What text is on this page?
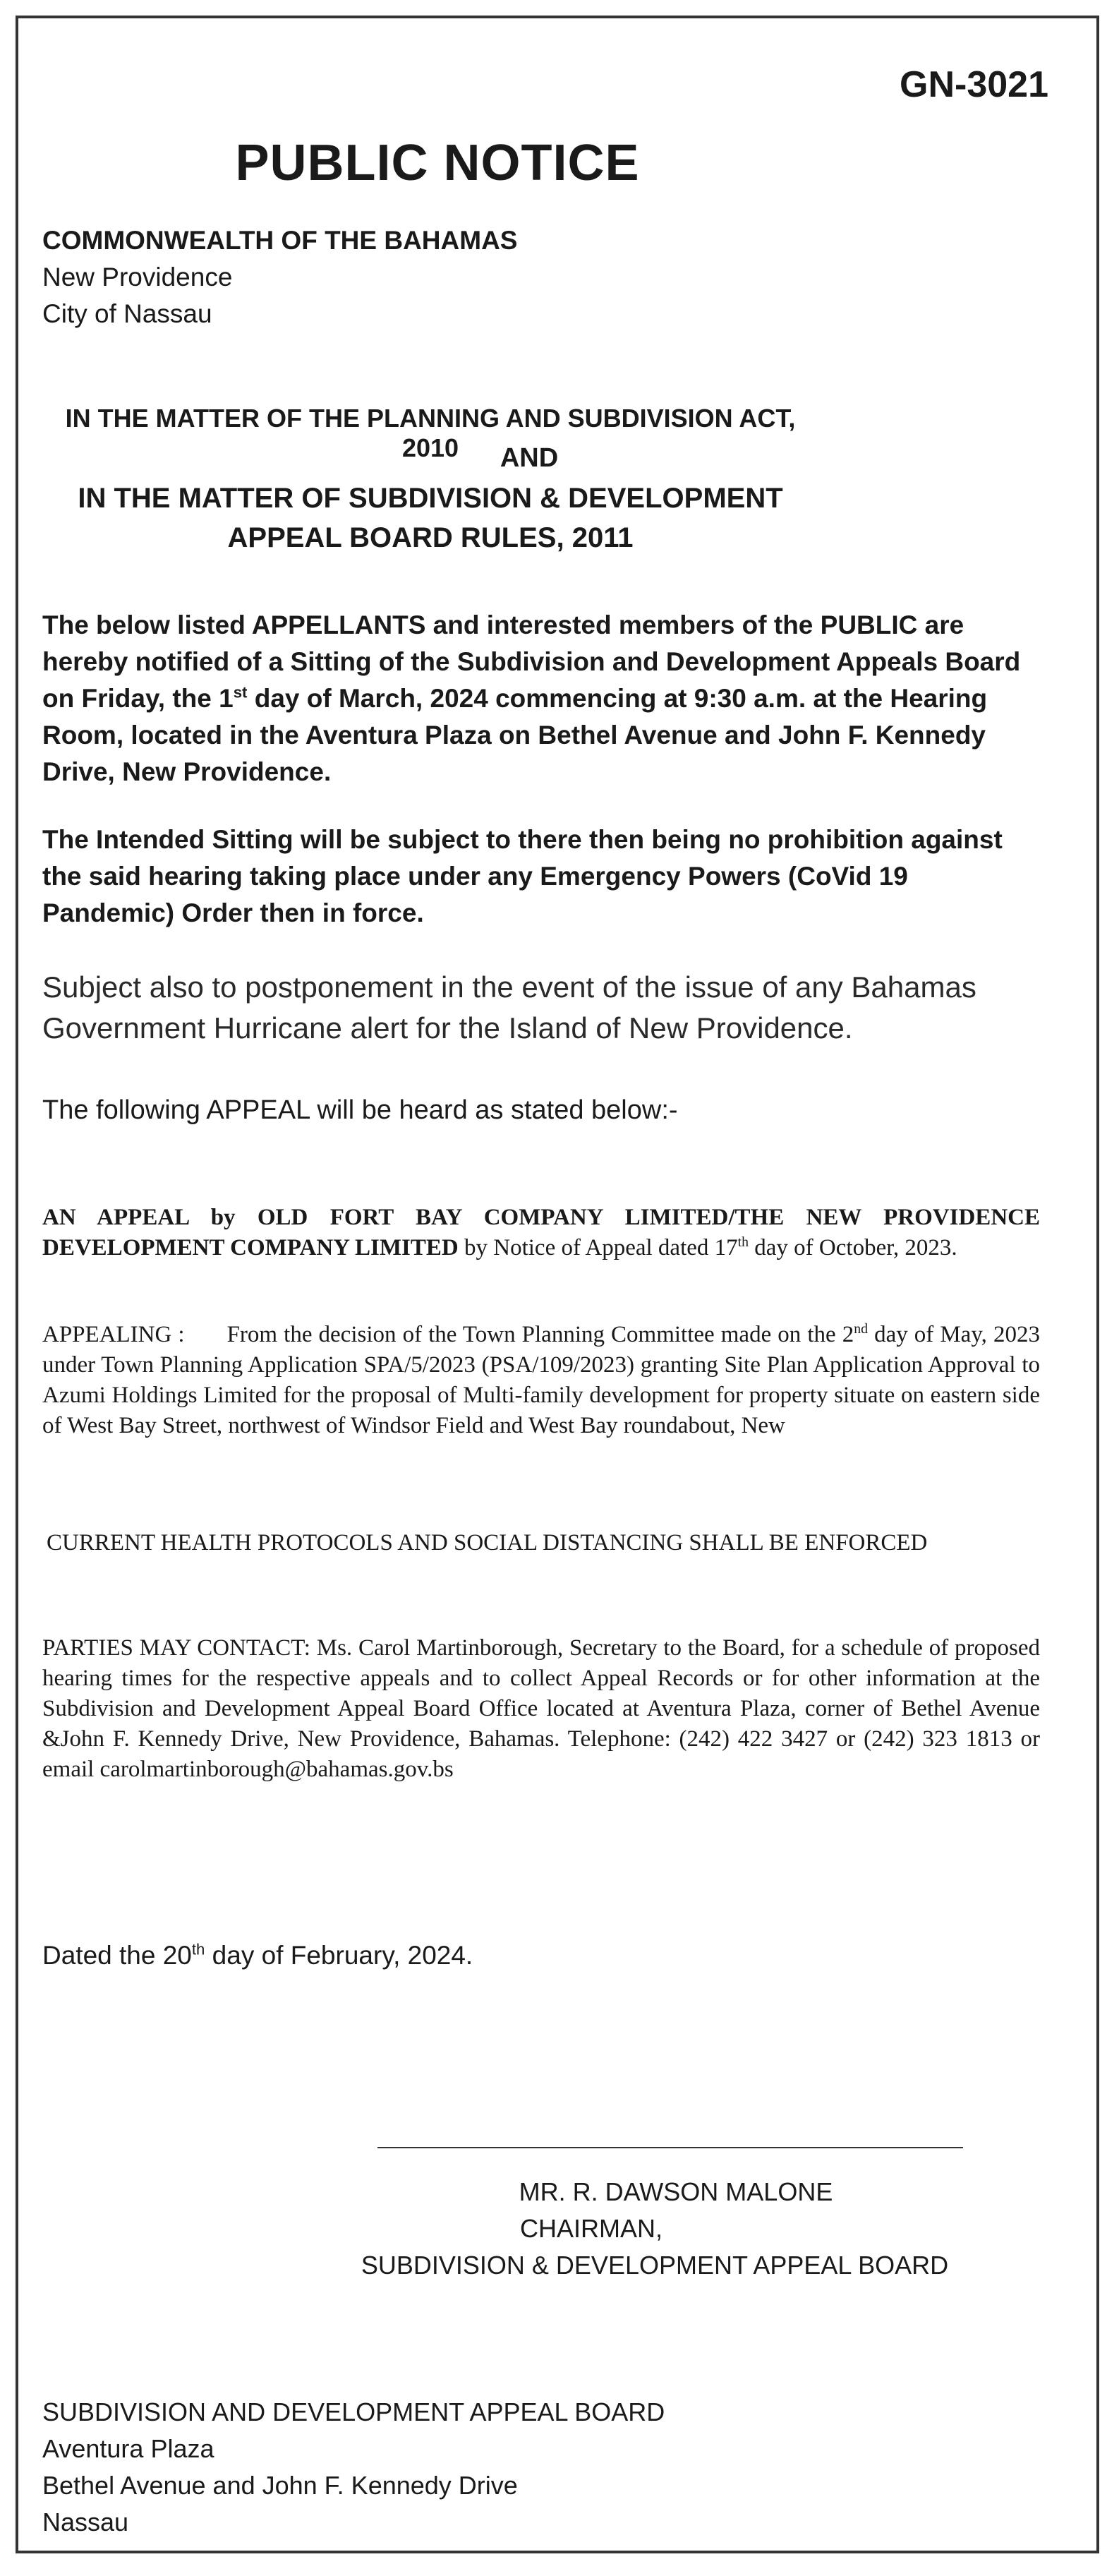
GN-3021
PUBLIC NOTICE
COMMONWEALTH OF THE BAHAMAS
New Providence
City of Nassau
IN THE MATTER OF THE PLANNING AND SUBDIVISION ACT, 2010	AND
IN THE MATTER OF SUBDIVISION & DEVELOPMENT
APPEAL BOARD RULES, 2011
The below listed APPELLANTS and interested members of the PUBLIC are hereby notified of a Sitting of the Subdivision and Development Appeals Board on Friday, the 1st day of March, 2024 commencing at 9:30 a.m. at the Hearing Room, located in the Aventura Plaza on Bethel Avenue and John F. Kennedy Drive, New Providence.
The Intended Sitting will be subject to there then being no prohibition against the said hearing taking place under any Emergency Powers (CoVid 19 Pandemic) Order then in force.
Subject also to postponement in the event of the issue of any Bahamas Government Hurricane alert for the Island of New Providence.
The following APPEAL will be heard as stated below:-
AN APPEAL by OLD FORT BAY COMPANY LIMITED/THE NEW PROVIDENCE DEVELOPMENT COMPANY LIMITED by Notice of Appeal dated 17th day of October, 2023.
APPEALING : From the decision of the Town Planning Committee made on the 2nd day of May, 2023 under Town Planning Application SPA/5/2023 (PSA/109/2023) granting Site Plan Application Approval to Azumi Holdings Limited for the proposal of Multi-family development for property situate on eastern side of West Bay Street, northwest of Windsor Field and West Bay roundabout, New
CURRENT HEALTH PROTOCOLS AND SOCIAL DISTANCING SHALL BE ENFORCED
PARTIES MAY CONTACT: Ms. Carol Martinborough, Secretary to the Board, for a schedule of proposed hearing times for the respective appeals and to collect Appeal Records or for other information at the Subdivision and Development Appeal Board Office located at Aventura Plaza, corner of Bethel Avenue &John F. Kennedy Drive, New Providence, Bahamas. Telephone: (242) 422 3427 or (242) 323 1813 or email carolmartinborough@bahamas.gov.bs
Dated the 20th day of February, 2024.
MR. R. DAWSON MALONE
CHAIRMAN,
SUBDIVISION & DEVELOPMENT APPEAL BOARD
SUBDIVISION AND DEVELOPMENT APPEAL BOARD
Aventura Plaza
Bethel Avenue and John F. Kennedy Drive
Nassau
